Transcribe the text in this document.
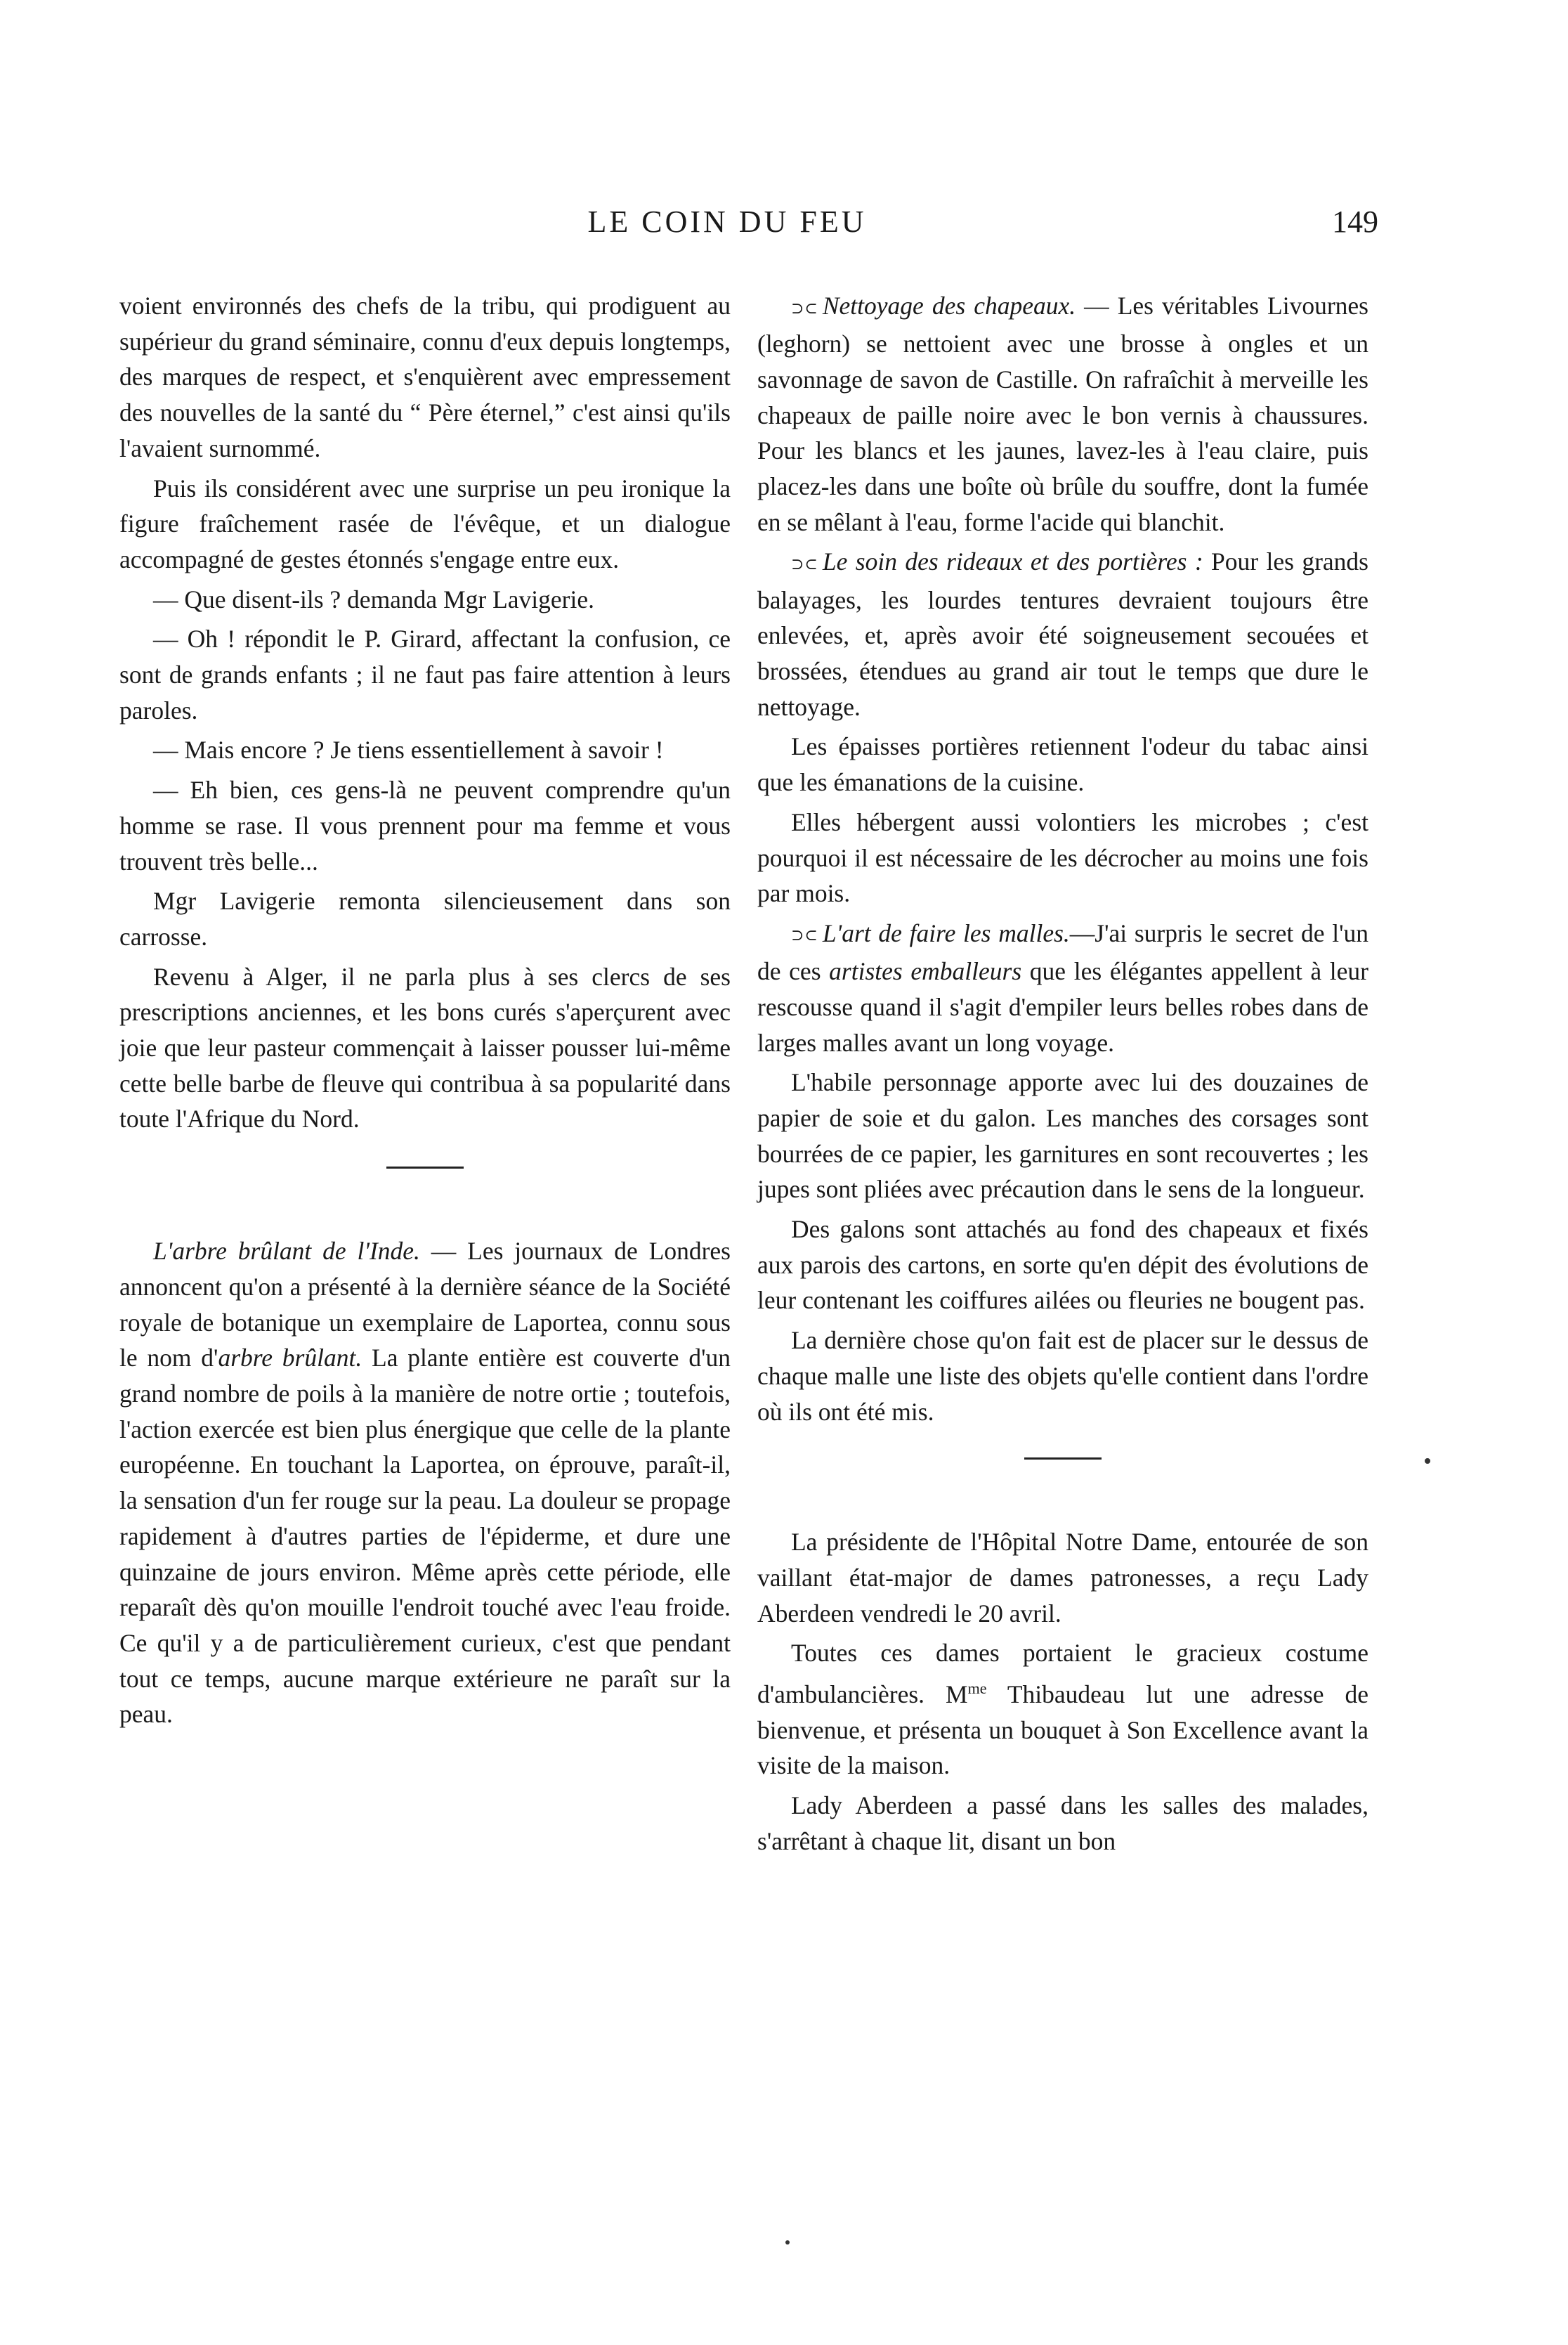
LE COIN DU FEU	149

voient environnés des chefs de la tribu, qui prodiguent au supérieur du grand séminaire, connu d'eux depuis longtemps, des marques de respect, et s'enquièrent avec empressement des nouvelles de la santé du “ Père éternel,” c'est ainsi qu'ils l'avaient surnommé.

Puis ils considérent avec une surprise un peu ironique la figure fraîchement rasée de l'évêque, et un dialogue accompagné de gestes étonnés s'engage entre eux.

— Que disent-ils ? demanda Mgr Lavigerie.

— Oh ! répondit le P. Girard, affectant la confusion, ce sont de grands enfants ; il ne faut pas faire attention à leurs paroles.

— Mais encore ? Je tiens essentiellement à savoir !

— Eh bien, ces gens-là ne peuvent comprendre qu'un homme se rase. Il vous prennent pour ma femme et vous trouvent très belle...

Mgr Lavigerie remonta silencieusement dans son carrosse.

Revenu à Alger, il ne parla plus à ses clercs de ses prescriptions anciennes, et les bons curés s'aperçurent avec joie que leur pasteur commençait à laisser pousser lui-même cette belle barbe de fleuve qui contribua à sa popularité dans toute l'Afrique du Nord.

L'arbre brûlant de l'Inde. — Les journaux de Londres annoncent qu'on a présenté à la dernière séance de la Société royale de botanique un exemplaire de Laportea, connu sous le nom d'arbre brûlant. La plante entière est couverte d'un grand nombre de poils à la manière de notre ortie ; toutefois, l'action exercée est bien plus énergique que celle de la plante européenne. En touchant la Laportea, on éprouve, paraît-il, la sensation d'un fer rouge sur la peau. La douleur se propage rapidement à d'autres parties de l'épiderme, et dure une quinzaine de jours environ. Même après cette période, elle reparaît dès qu'on mouille l'endroit touché avec l'eau froide. Ce qu'il y a de particulièrement curieux, c'est que pendant tout ce temps, aucune marque extérieure ne paraît sur la peau.

⊃⊂ Nettoyage des chapeaux. — Les véritables Livournes (leghorn) se nettoient avec une brosse à ongles et un savonnage de savon de Castille. On rafraîchit à merveille les chapeaux de paille noire avec le bon vernis à chaussures. Pour les blancs et les jaunes, lavez-les à l'eau claire, puis placez-les dans une boîte où brûle du souffre, dont la fumée en se mêlant à l'eau, forme l'acide qui blanchit.

⊃⊂ Le soin des rideaux et des portières : Pour les grands balayages, les lourdes tentures devraient toujours être enlevées, et, après avoir été soigneusement secouées et brossées, étendues au grand air tout le temps que dure le nettoyage.

Les épaisses portières retiennent l'odeur du tabac ainsi que les émanations de la cuisine.

Elles hébergent aussi volontiers les microbes ; c'est pourquoi il est nécessaire de les décrocher au moins une fois par mois.

⊃⊂ L'art de faire les malles.—J'ai surpris le secret de l'un de ces artistes emballeurs que les élégantes appellent à leur rescousse quand il s'agit d'empiler leurs belles robes dans de larges malles avant un long voyage.

L'habile personnage apporte avec lui des douzaines de papier de soie et du galon. Les manches des corsages sont bourrées de ce papier, les garnitures en sont recouvertes ; les jupes sont pliées avec précaution dans le sens de la longueur.

Des galons sont attachés au fond des chapeaux et fixés aux parois des cartons, en sorte qu'en dépit des évolutions de leur contenant les coiffures ailées ou fleuries ne bougent pas.

La dernière chose qu'on fait est de placer sur le dessus de chaque malle une liste des objets qu'elle contient dans l'ordre où ils ont été mis.

La présidente de l'Hôpital Notre Dame, entourée de son vaillant état-major de dames patronesses, a reçu Lady Aberdeen vendredi le 20 avril.

Toutes ces dames portaient le gracieux costume d'ambulancières. $M^{me}$ Thibaudeau lut une adresse de bienvenue, et présenta un bouquet à Son Excellence avant la visite de la maison.

Lady Aberdeen a passé dans les salles des malades, s'arrêtant à chaque lit, disant un bon
